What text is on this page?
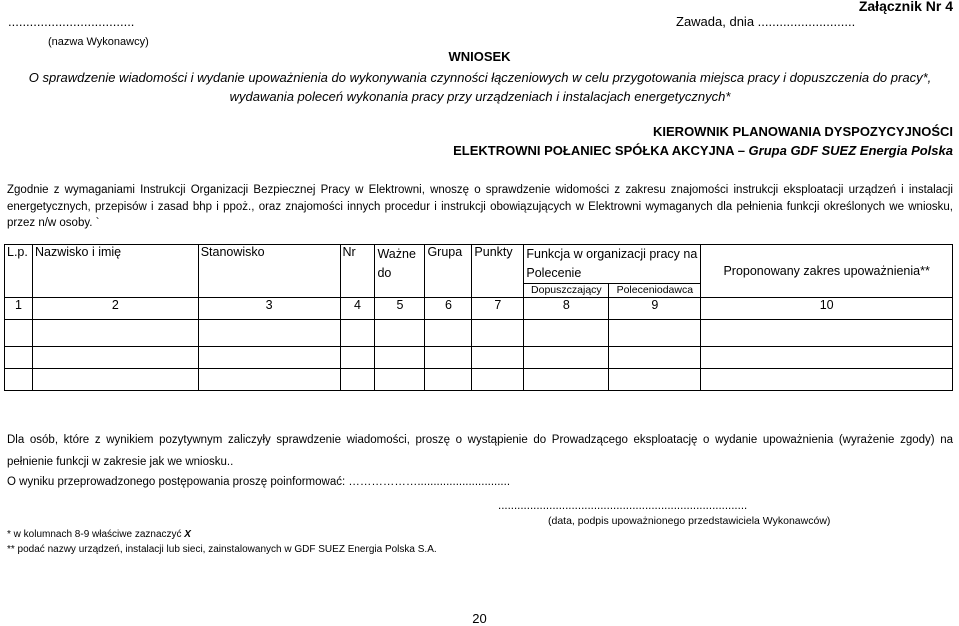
Załącznik Nr 4
...................................	Zawada, dnia ...........................
(nazwa Wykonawcy)
WNIOSEK
O sprawdzenie wiadomości i wydanie upoważnienia do wykonywania czynności łączeniowych w celu przygotowania miejsca pracy i dopuszczenia do pracy*, wydawania poleceń wykonania pracy przy urządzeniach i instalacjach energetycznych*
KIEROWNIK PLANOWANIA DYSPOZYCYJNOŚCI
ELEKTROWNI POŁANIEC SPÓŁKA AKCYJNA – Grupa GDF SUEZ Energia Polska
Zgodnie z wymaganiami Instrukcji Organizacji Bezpiecznej Pracy w Elektrowni, wnoszę o sprawdzenie widomości z zakresu znajomości instrukcji eksploatacji urządzeń i instalacji energetycznych, przepisów i zasad bhp i ppoż., oraz znajomości innych procedur i instrukcji obowiązujących w Elektrowni wymaganych dla pełnienia funkcji określonych we wniosku, przez n/w osoby. `
L.p.	Nazwisko i imię	Stanowisko	Nr	Ważne do	Grupa	Punkty	Funkcja w organizacji pracy na Polecenie		Proponowany zakres upoważnienia**
							Dopuszczający	Poleceniodawca	
1	2	3	4	5	6	7	8	9	10

Dla osób, które z wynikiem pozytywnym zaliczyły sprawdzenie wiadomości, proszę o wystąpienie do Prowadzącego eksploatację o wydanie upoważnienia (wyrażenie zgody) na pełnienie funkcji w zakresie jak we wniosku..
O wyniku przeprowadzonego postępowania proszę poinformować: ……………….............................
..............................................................................
(data, podpis upoważnionego przedstawiciela Wykonawców)
* w kolumnach 8-9 właściwe zaznaczyć X
** podać nazwy urządzeń, instalacji lub sieci, zainstalowanych w GDF SUEZ Energia Polska S.A.
20
